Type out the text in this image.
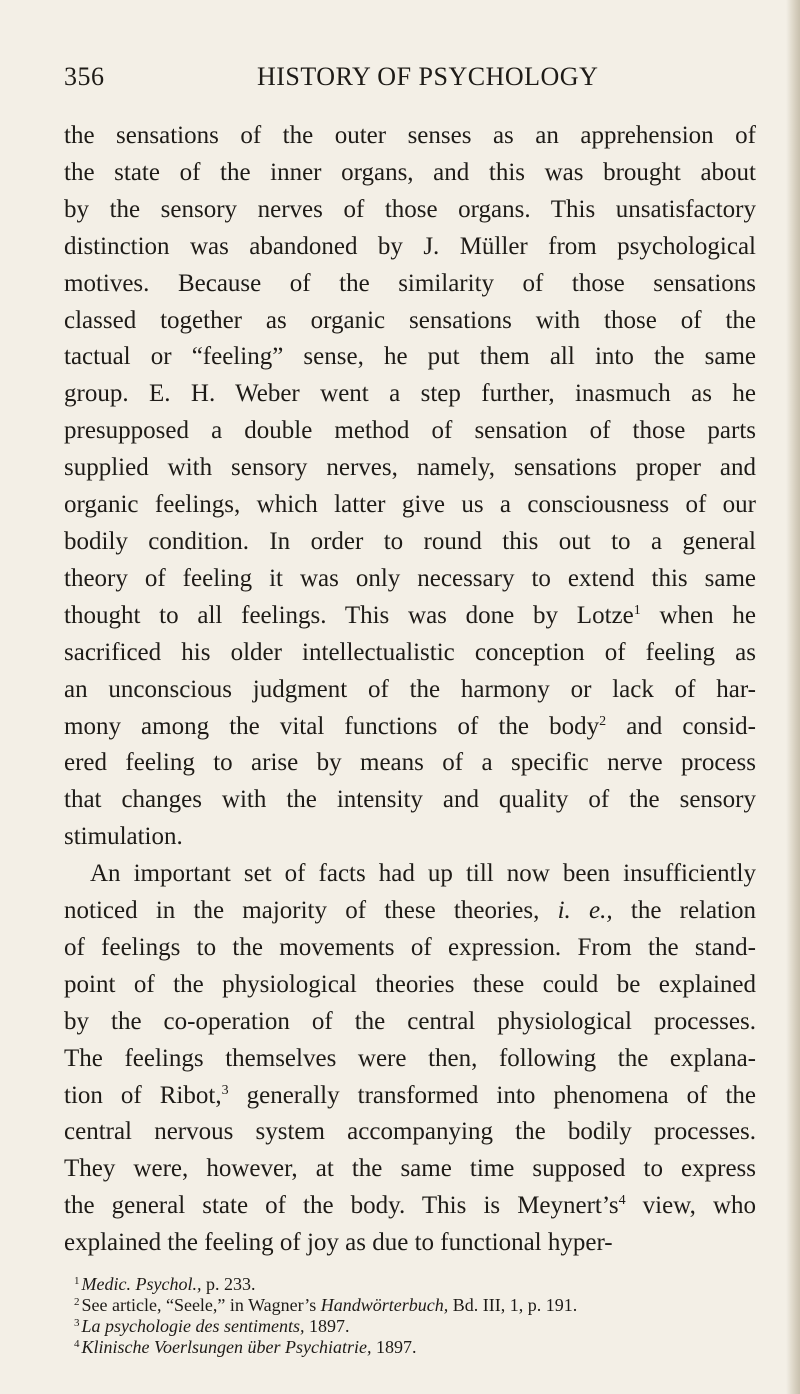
356	HISTORY OF PSYCHOLOGY
the sensations of the outer senses as an apprehension of
the state of the inner organs, and this was brought about
by the sensory nerves of those organs. This unsatisfactory
distinction was abandoned by J. Müller from psychological
motives. Because of the similarity of those sensations
classed together as organic sensations with those of the
tactual or “feeling” sense, he put them all into the same
group. E. H. Weber went a step further, inasmuch as he
presupposed a double method of sensation of those parts
supplied with sensory nerves, namely, sensations proper and
organic feelings, which latter give us a consciousness of our
bodily condition. In order to round this out to a general
theory of feeling it was only necessary to extend this same
thought to all feelings. This was done by Lotze$^1$ when he
sacrificed his older intellectualistic conception of feeling as
an unconscious judgment of the harmony or lack of har-
mony among the vital functions of the body$^2$ and consid-
ered feeling to arise by means of a specific nerve process
that changes with the intensity and quality of the sensory
stimulation.
An important set of facts had up till now been insufficiently
noticed in the majority of these theories, i. e., the relation
of feelings to the movements of expression. From the stand-
point of the physiological theories these could be explained
by the co-operation of the central physiological processes.
The feelings themselves were then, following the explana-
tion of Ribot,$^3$ generally transformed into phenomena of the
central nervous system accompanying the bodily processes.
They were, however, at the same time supposed to express
the general state of the body. This is $Meynert’s^4$ view, who
explained the feeling of joy as due to functional hyper-
$^1$ Medic. Psychol., p. 233.
$^2$ See article, “Seele,” in Wagner’s Handwörterbuch, Bd. III, 1, p. 191.
$^3$ La psychologie des sentiments, 1897.
$^4$ Klinische Voerlsungen über Psychiatrie, 1897.
